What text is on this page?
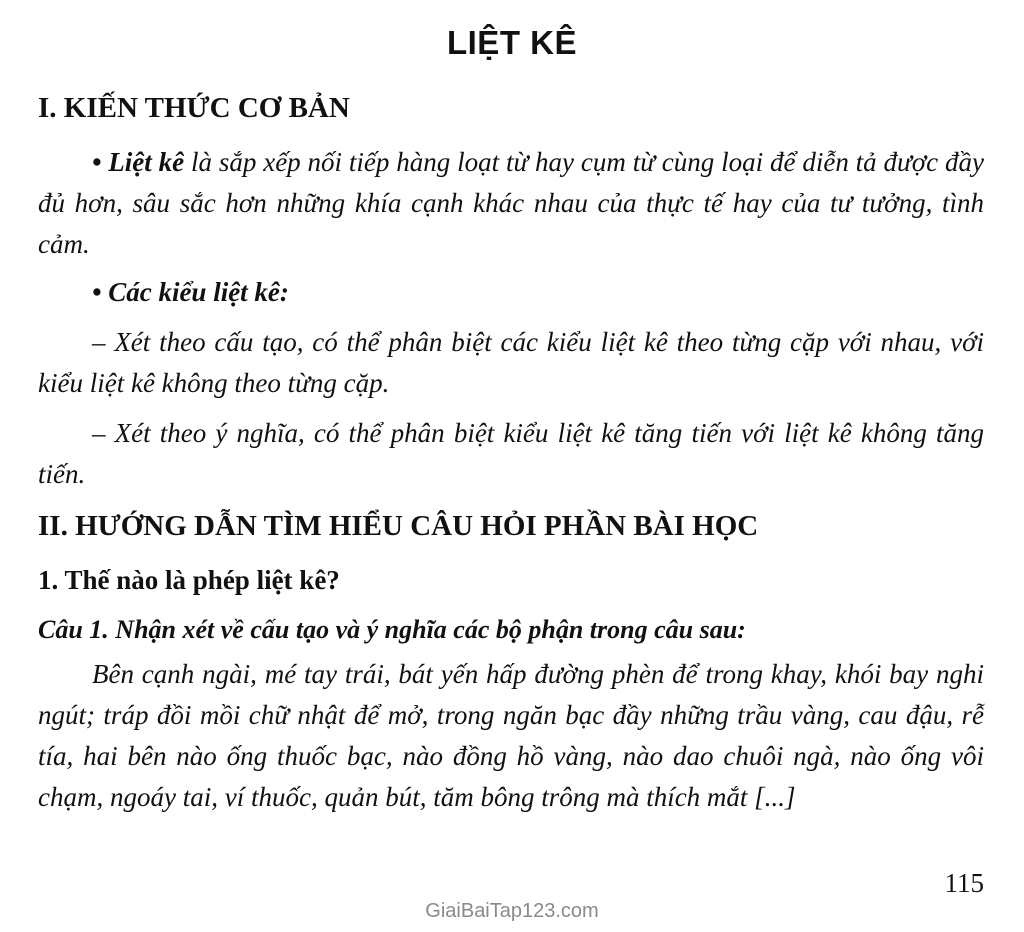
LIỆT KÊ
I. KIẾN THỨC CƠ BẢN
• Liệt kê là sắp xếp nối tiếp hàng loạt từ hay cụm từ cùng loại để diễn tả được đầy đủ hơn, sâu sắc hơn những khía cạnh khác nhau của thực tế hay của tư tưởng, tình cảm.
• Các kiểu liệt kê:
– Xét theo cấu tạo, có thể phân biệt các kiểu liệt kê theo từng cặp với nhau, với kiểu liệt kê không theo từng cặp.
– Xét theo ý nghĩa, có thể phân biệt kiểu liệt kê tăng tiến với liệt kê không tăng tiến.
II. HƯỚNG DẪN TÌM HIỂU CÂU HỎI PHẦN BÀI HỌC
1. Thế nào là phép liệt kê?
Câu 1. Nhận xét về cấu tạo và ý nghĩa các bộ phận trong câu sau:
Bên cạnh ngài, mé tay trái, bát yến hấp đường phèn để trong khay, khói bay nghi ngút; tráp đồi mồi chữ nhật để mở, trong ngăn bạc đầy những trầu vàng, cau đậu, rễ tía, hai bên nào ống thuốc bạc, nào đồng hồ vàng, nào dao chuôi ngà, nào ống vôi chạm, ngoáy tai, ví thuốc, quản bút, tăm bông trông mà thích mắt [...]
115
GiaiBaiTap123.com
